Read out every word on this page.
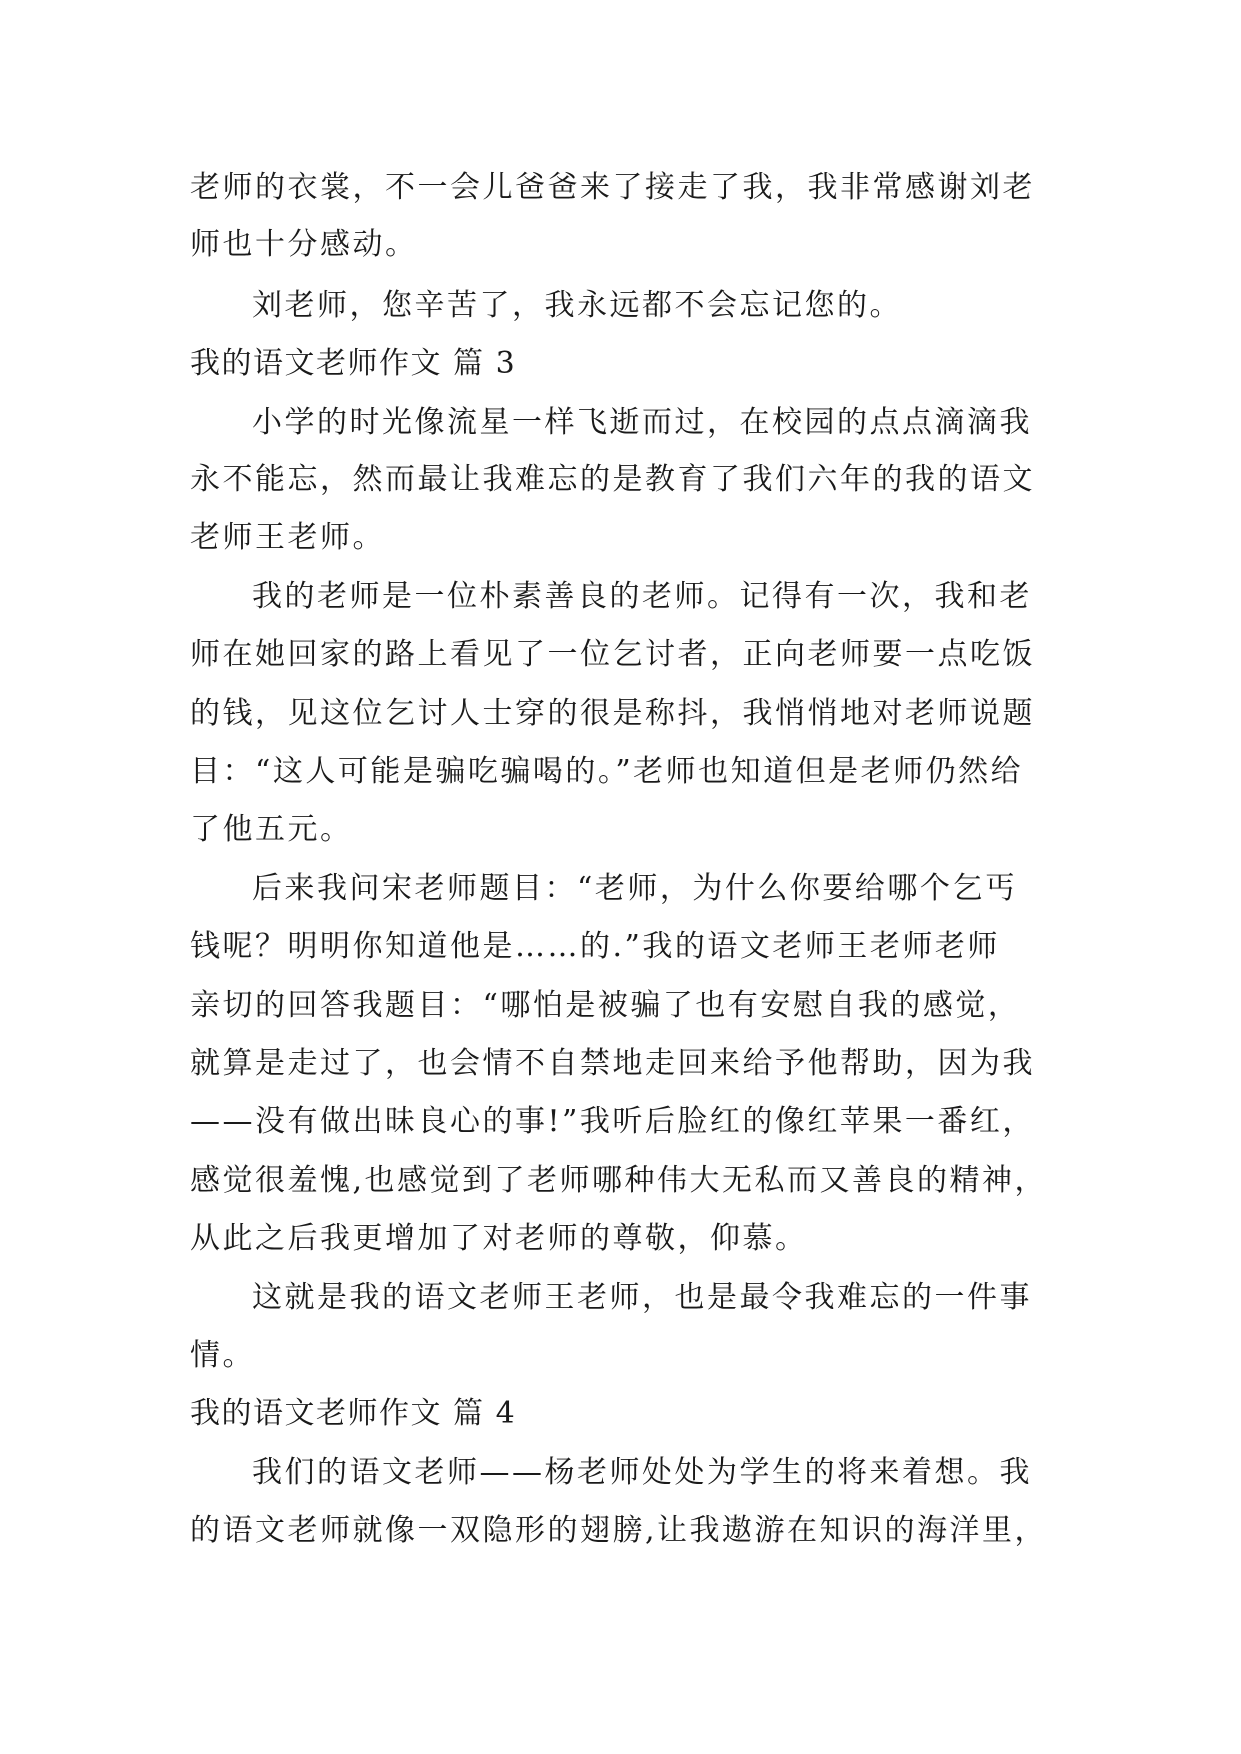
老师的衣裳，不一会儿爸爸来了接走了我，我非常感谢刘老
师也十分感动。
刘老师，您辛苦了，我永远都不会忘记您的。
我的语文老师作文 篇 3
小学的时光像流星一样飞逝而过，在校园的点点滴滴我
永不能忘，然而最让我难忘的是教育了我们六年的我的语文
老师王老师。
我的老师是一位朴素善良的老师。记得有一次，我和老
师在她回家的路上看见了一位乞讨者，正向老师要一点吃饭
的钱，见这位乞讨人士穿的很是称抖，我悄悄地对老师说题
目：“这人可能是骗吃骗喝的。”老师也知道但是老师仍然给
了他五元。
后来我问宋老师题目：“老师，为什么你要给哪个乞丐
钱呢？明明你知道他是……的.”我的语文老师王老师老师
亲切的回答我题目：“哪怕是被骗了也有安慰自我的感觉，
就算是走过了，也会情不自禁地走回来给予他帮助，因为我
——没有做出昧良心的事!”我听后脸红的像红苹果一番红，
感觉很羞愧,也感觉到了老师哪种伟大无私而又善良的精神，
从此之后我更增加了对老师的尊敬，仰慕。
这就是我的语文老师王老师，也是最令我难忘的一件事
情。
我的语文老师作文 篇 4
我们的语文老师——杨老师处处为学生的将来着想。我
的语文老师就像一双隐形的翅膀,让我遨游在知识的海洋里，
